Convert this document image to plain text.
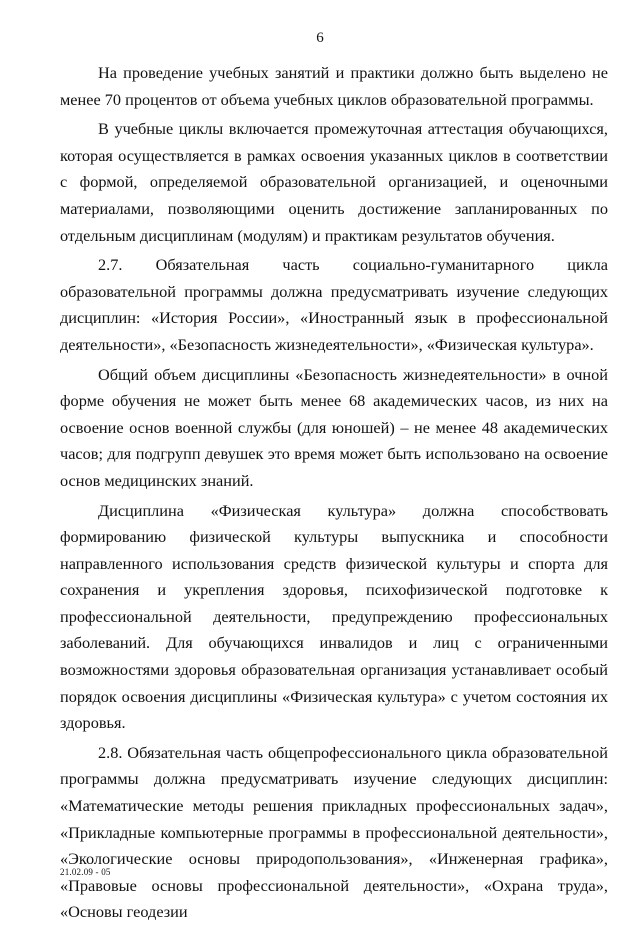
6

На проведение учебных занятий и практики должно быть выделено не менее 70 процентов от объема учебных циклов образовательной программы.

В учебные циклы включается промежуточная аттестация обучающихся, которая осуществляется в рамках освоения указанных циклов в соответствии с формой, определяемой образовательной организацией, и оценочными материалами, позволяющими оценить достижение запланированных по отдельным дисциплинам (модулям) и практикам результатов обучения.

2.7. Обязательная часть социально-гуманитарного цикла образовательной программы должна предусматривать изучение следующих дисциплин: «История России», «Иностранный язык в профессиональной деятельности», «Безопасность жизнедеятельности», «Физическая культура».

Общий объем дисциплины «Безопасность жизнедеятельности» в очной форме обучения не может быть менее 68 академических часов, из них на освоение основ военной службы (для юношей) – не менее 48 академических часов; для подгрупп девушек это время может быть использовано на освоение основ медицинских знаний.

Дисциплина «Физическая культура» должна способствовать формированию физической культуры выпускника и способности направленного использования средств физической культуры и спорта для сохранения и укрепления здоровья, психофизической подготовке к профессиональной деятельности, предупреждению профессиональных заболеваний. Для обучающихся инвалидов и лиц с ограниченными возможностями здоровья образовательная организация устанавливает особый порядок освоения дисциплины «Физическая культура» с учетом состояния их здоровья.

2.8. Обязательная часть общепрофессионального цикла образовательной программы должна предусматривать изучение следующих дисциплин: «Математические методы решения прикладных профессиональных задач», «Прикладные компьютерные программы в профессиональной деятельности», «Экологические основы природопользования», «Инженерная графика», «Правовые основы профессиональной деятельности», «Охрана труда», «Основы геодезии

21.02.09 - 05
